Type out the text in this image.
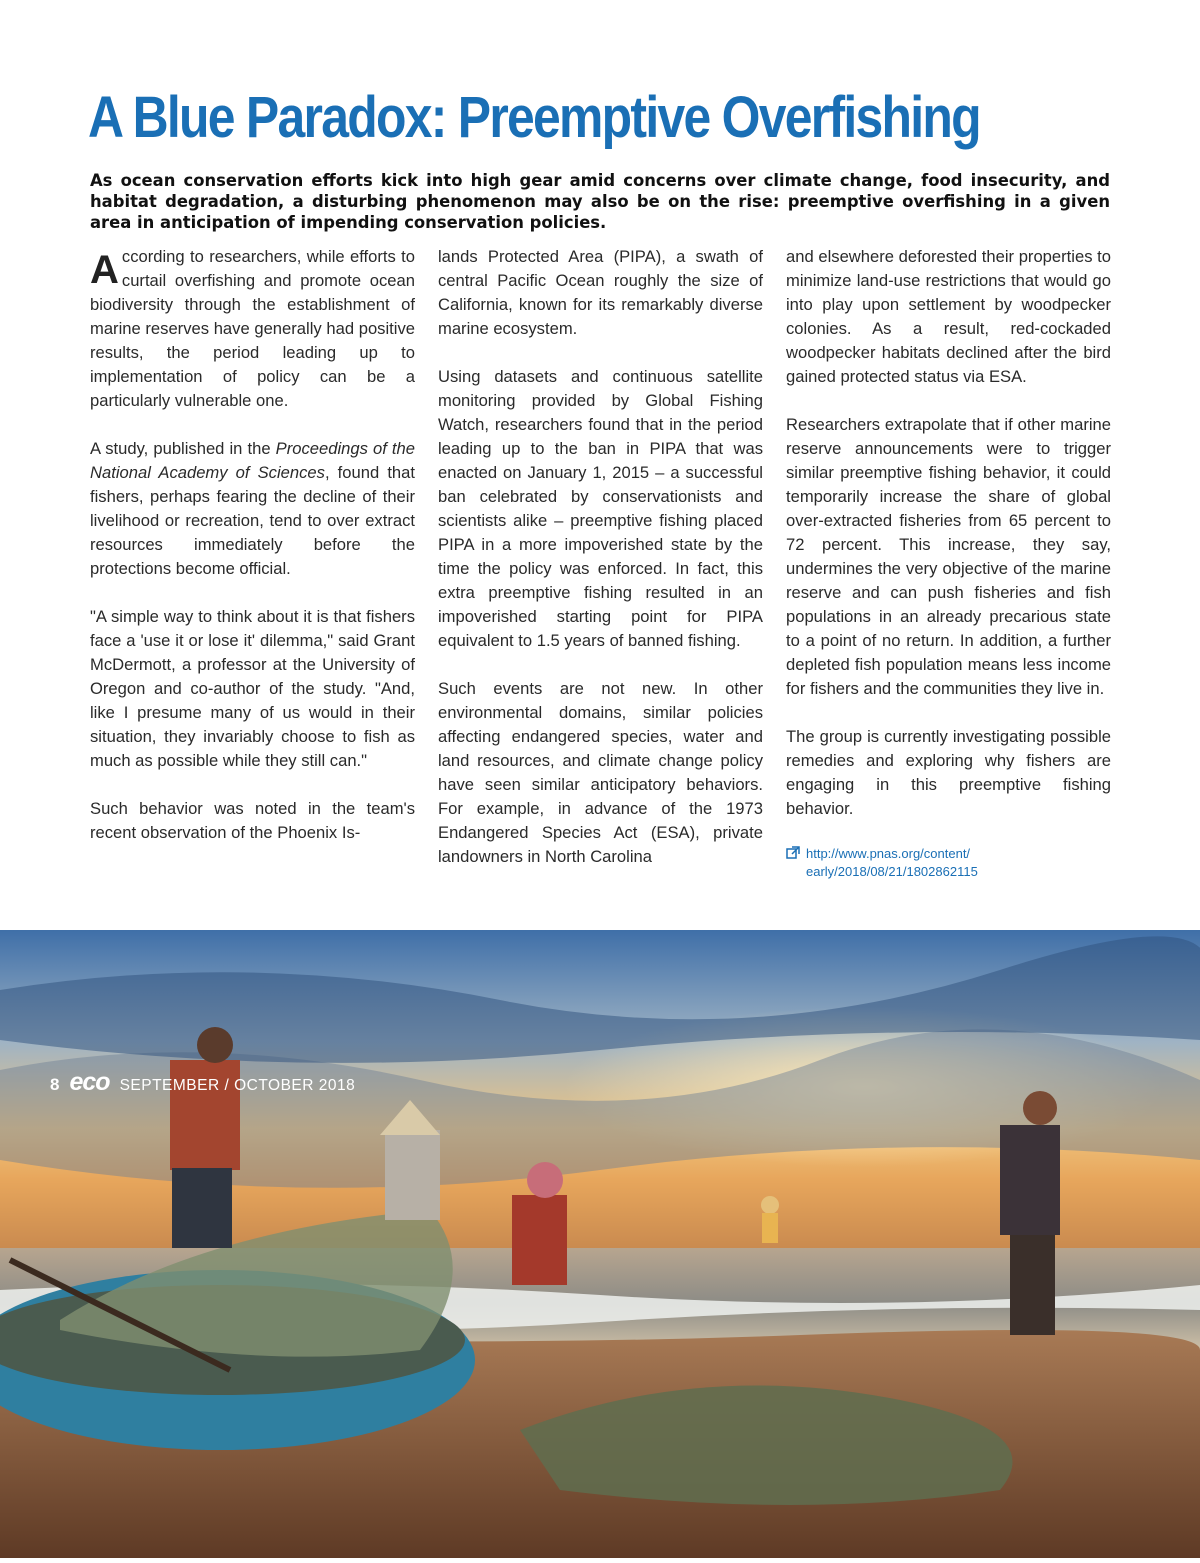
A Blue Paradox: Preemptive Overfishing

As ocean conservation efforts kick into high gear amid concerns over climate change, food insecurity, and habitat degradation, a disturbing phenomenon may also be on the rise: preemptive overfishing in a given area in anticipation of impending conservation policies.

According to researchers, while efforts to curtail overfishing and promote ocean biodiversity through the establishment of marine reserves have generally had positive results, the period leading up to implementation of policy can be a particularly vulnerable one.

A study, published in the Proceedings of the National Academy of Sciences, found that fishers, perhaps fearing the decline of their livelihood or recreation, tend to over extract resources immediately before the protections become official.

"A simple way to think about it is that fishers face a 'use it or lose it' dilemma," said Grant McDermott, a professor at the University of Oregon and co-author of the study. "And, like I presume many of us would in their situation, they invariably choose to fish as much as possible while they still can."

Such behavior was noted in the team's recent observation of the Phoenix Is-

lands Protected Area (PIPA), a swath of central Pacific Ocean roughly the size of California, known for its remarkably diverse marine ecosystem.

Using datasets and continuous satellite monitoring provided by Global Fishing Watch, researchers found that in the period leading up to the ban in PIPA that was enacted on January 1, 2015 – a successful ban celebrated by conservationists and scientists alike – preemptive fishing placed PIPA in a more impoverished state by the time the policy was enforced. In fact, this extra preemptive fishing resulted in an impoverished starting point for PIPA equivalent to 1.5 years of banned fishing.

Such events are not new. In other environmental domains, similar policies affecting endangered species, water and land resources, and climate change policy have seen similar anticipatory behaviors. For example, in advance of the 1973 Endangered Species Act (ESA), private landowners in North Carolina

and elsewhere deforested their properties to minimize land-use restrictions that would go into play upon settlement by woodpecker colonies. As a result, red-cockaded woodpecker habitats declined after the bird gained protected status via ESA.

Researchers extrapolate that if other marine reserve announcements were to trigger similar preemptive fishing behavior, it could temporarily increase the share of global over-extracted fisheries from 65 percent to 72 percent. This increase, they say, undermines the very objective of the marine reserve and can push fisheries and fish populations in an already precarious state to a point of no return. In addition, a further depleted fish population means less income for fishers and the communities they live in.

The group is currently investigating possible remedies and exploring why fishers are engaging in this preemptive fishing behavior.

http://www.pnas.org/content/
early/2018/08/21/1802862115
8 eco SEPTEMBER / OCTOBER 2018
